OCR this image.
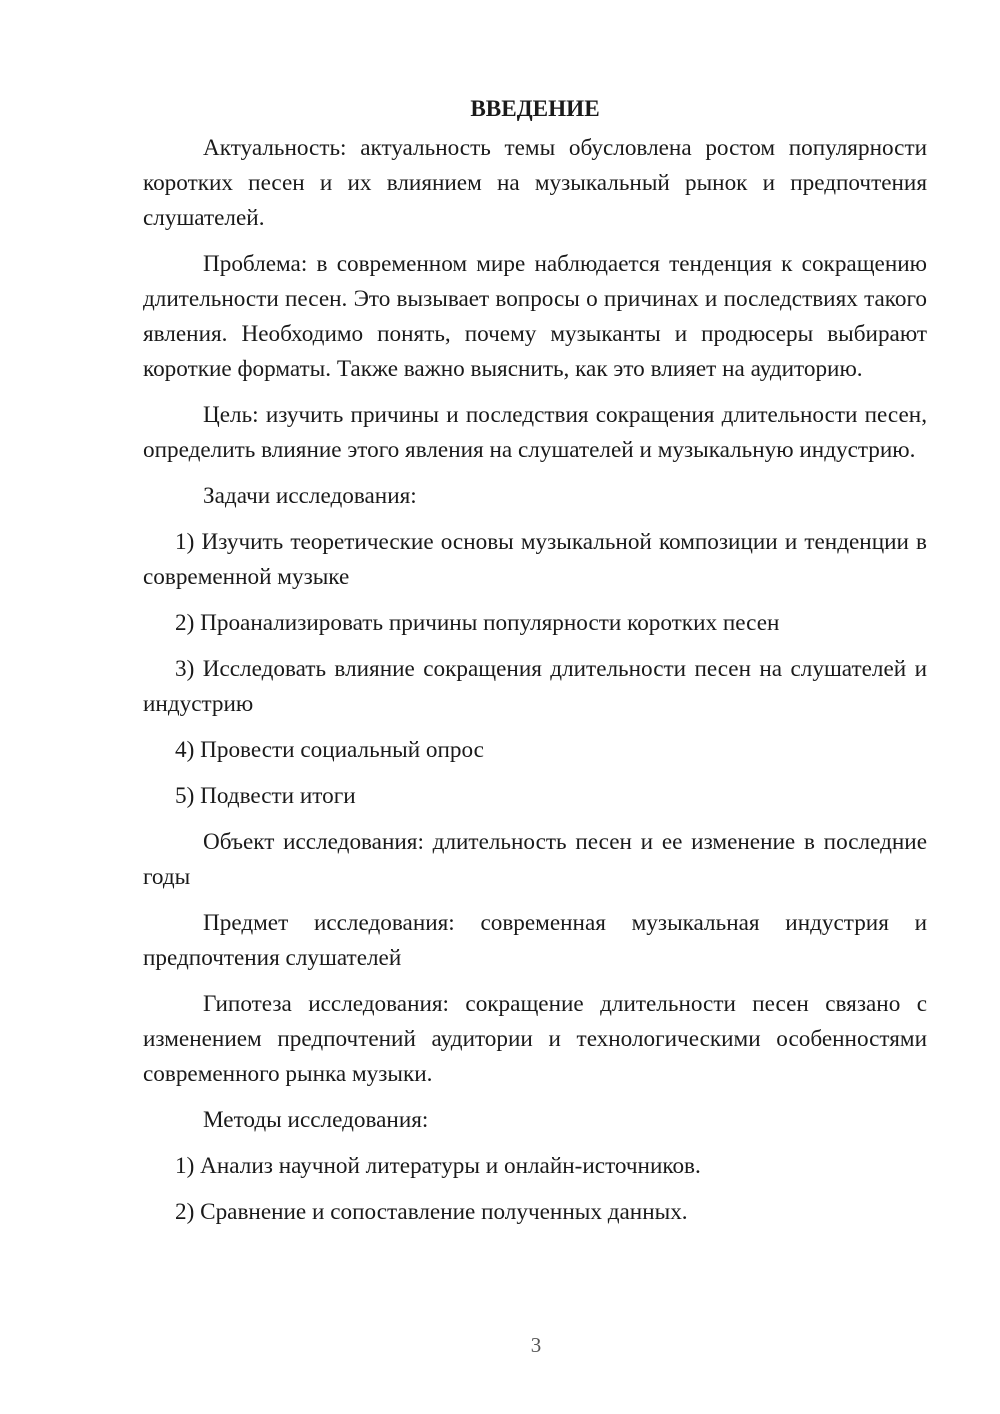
ВВЕДЕНИЕ

Актуальность: актуальность темы обусловлена ростом популярности коротких песен и их влиянием на музыкальный рынок и предпочтения слушателей.

Проблема: в современном мире наблюдается тенденция к сокращению длительности песен. Это вызывает вопросы о причинах и последствиях такого явления. Необходимо понять, почему музыканты и продюсеры выбирают короткие форматы. Также важно выяснить, как это влияет на аудиторию.

Цель: изучить причины и последствия сокращения длительности песен, определить влияние этого явления на слушателей и музыкальную индустрию.

Задачи исследования:

1) Изучить теоретические основы музыкальной композиции и тенденции в современной музыке

2) Проанализировать причины популярности коротких песен

3) Исследовать влияние сокращения длительности песен на слушателей и индустрию

4) Провести социальный опрос

5) Подвести итоги

Объект исследования: длительность песен и ее изменение в последние годы

Предмет исследования: современная музыкальная индустрия и предпочтения слушателей

Гипотеза исследования: сокращение длительности песен связано с изменением предпочтений аудитории и технологическими особенностями современного рынка музыки.

Методы исследования:

1) Анализ научной литературы и онлайн-источников.

2) Сравнение и сопоставление полученных данных.

3
